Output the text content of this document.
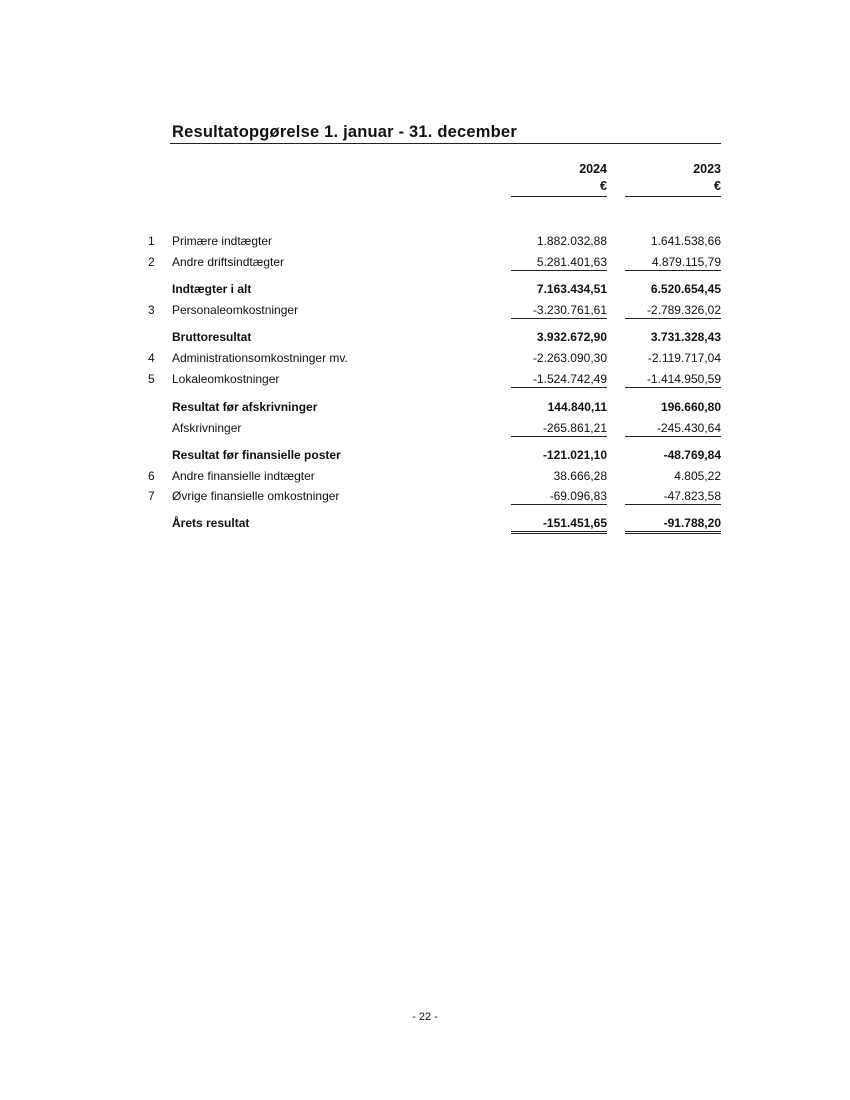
Resultatopgørelse 1. januar - 31. december
2024	2023
€	€
1	Primære indtægter	1.882.032,88	1.641.538,66
2	Andre driftsindtægter	5.281.401,63	4.879.115,79
Indtægter i alt	7.163.434,51	6.520.654,45
3	Personaleomkostninger	-3.230.761,61	-2.789.326,02
Bruttoresultat	3.932.672,90	3.731.328,43
4	Administrationsomkostninger mv.	-2.263.090,30	-2.119.717,04
5	Lokaleomkostninger	-1.524.742,49	-1.414.950,59
Resultat før afskrivninger	144.840,11	196.660,80
Afskrivninger	-265.861,21	-245.430,64
Resultat før finansielle poster	-121.021,10	-48.769,84
6	Andre finansielle indtægter	38.666,28	4.805,22
7	Øvrige finansielle omkostninger	-69.096,83	-47.823,58
Årets resultat	-151.451,65	-91.788,20
- 22 -
